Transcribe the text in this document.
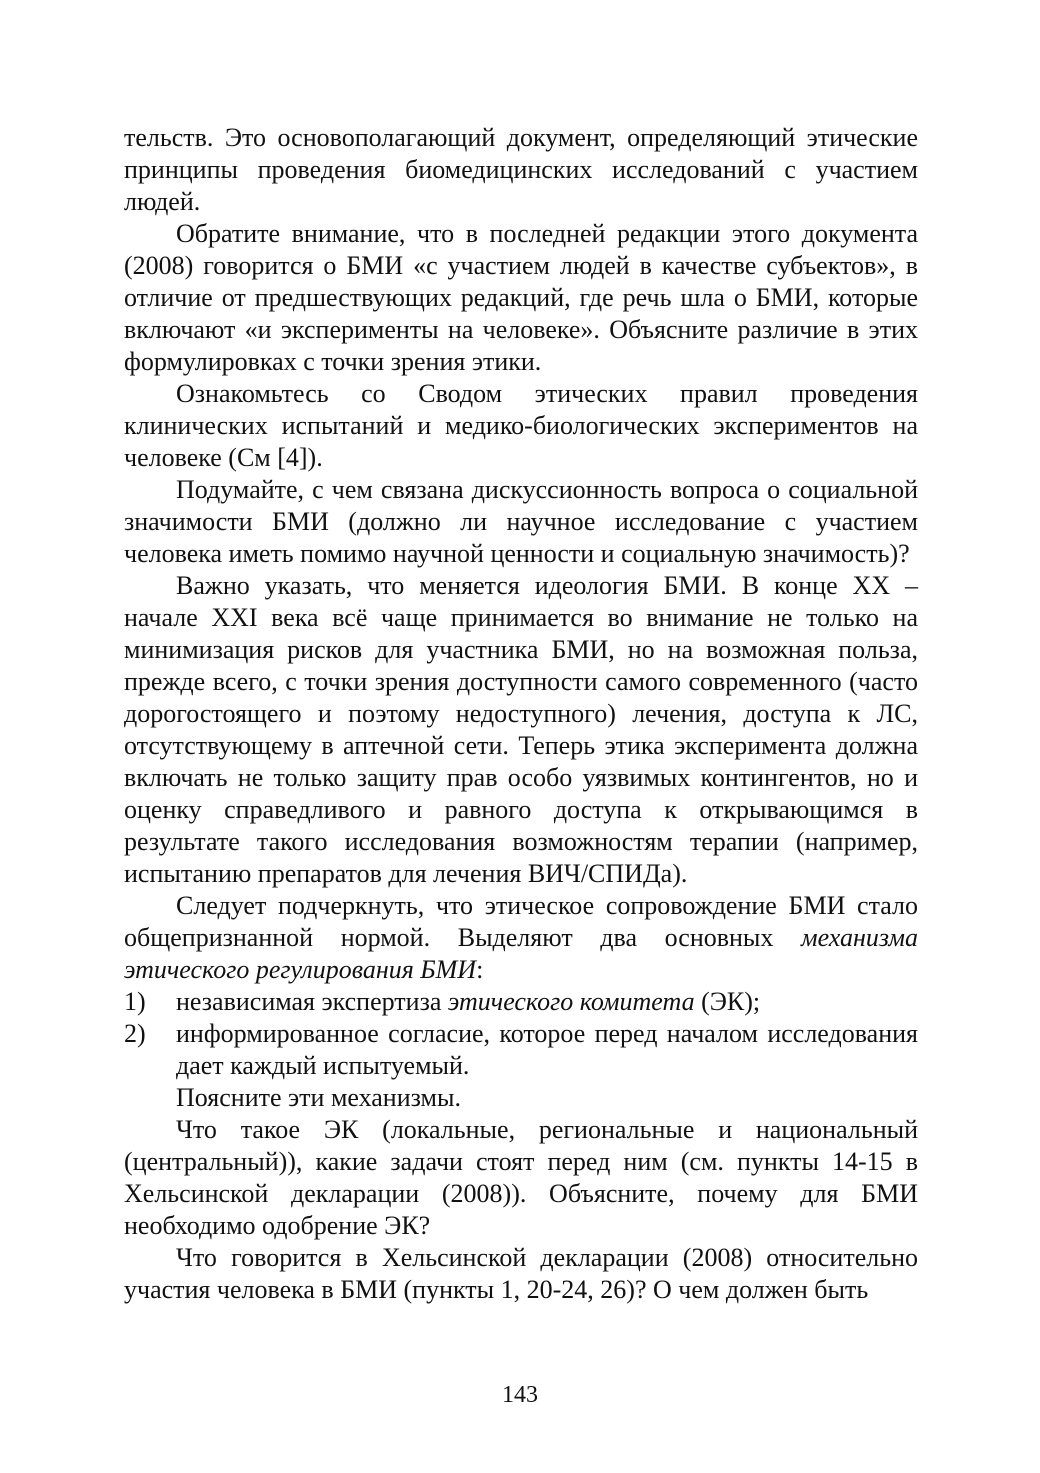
тельств. Это основополагающий документ, определяющий этические принципы проведения биомедицинских исследований с участием людей.

Обратите внимание, что в последней редакции этого документа (2008) говорится о БМИ «с участием людей в качестве субъектов», в отличие от предшествующих редакций, где речь шла о БМИ, которые включают «и эксперименты на человеке». Объясните различие в этих формулировках с точки зрения этики.

Ознакомьтесь со Сводом этических правил проведения клинических испытаний и медико-биологических экспериментов на человеке (См [4]).

Подумайте, с чем связана дискуссионность вопроса о социальной значимости БМИ (должно ли научное исследование с участием человека иметь помимо научной ценности и социальную значимость)?

Важно указать, что меняется идеология БМИ. В конце XX – начале XXI века всё чаще принимается во внимание не только на минимизация рисков для участника БМИ, но на возможная польза, прежде всего, с точки зрения доступности самого современного (часто дорогостоящего и поэтому недоступного) лечения, доступа к ЛС, отсутствующему в аптечной сети. Теперь этика эксперимента должна включать не только защиту прав особо уязвимых контингентов, но и оценку справедливого и равного доступа к открывающимся в результате такого исследования возможностям терапии (например, испытанию препаратов для лечения ВИЧ/СПИДа).

Следует подчеркнуть, что этическое сопровождение БМИ стало общепризнанной нормой. Выделяют два основных механизма этического регулирования БМИ:

1)	независимая экспертиза этического комитета (ЭК);
2)	информированное согласие, которое перед началом исследования дает каждый испытуемый.

Поясните эти механизмы.

Что такое ЭК (локальные, региональные и национальный (центральный)), какие задачи стоят перед ним (см. пункты 14-15 в Хельсинской декларации (2008)). Объясните, почему для БМИ необходимо одобрение ЭК?

Что говорится в Хельсинской декларации (2008) относительно участия человека в БМИ (пункты 1, 20-24, 26)? О чем должен быть

143
